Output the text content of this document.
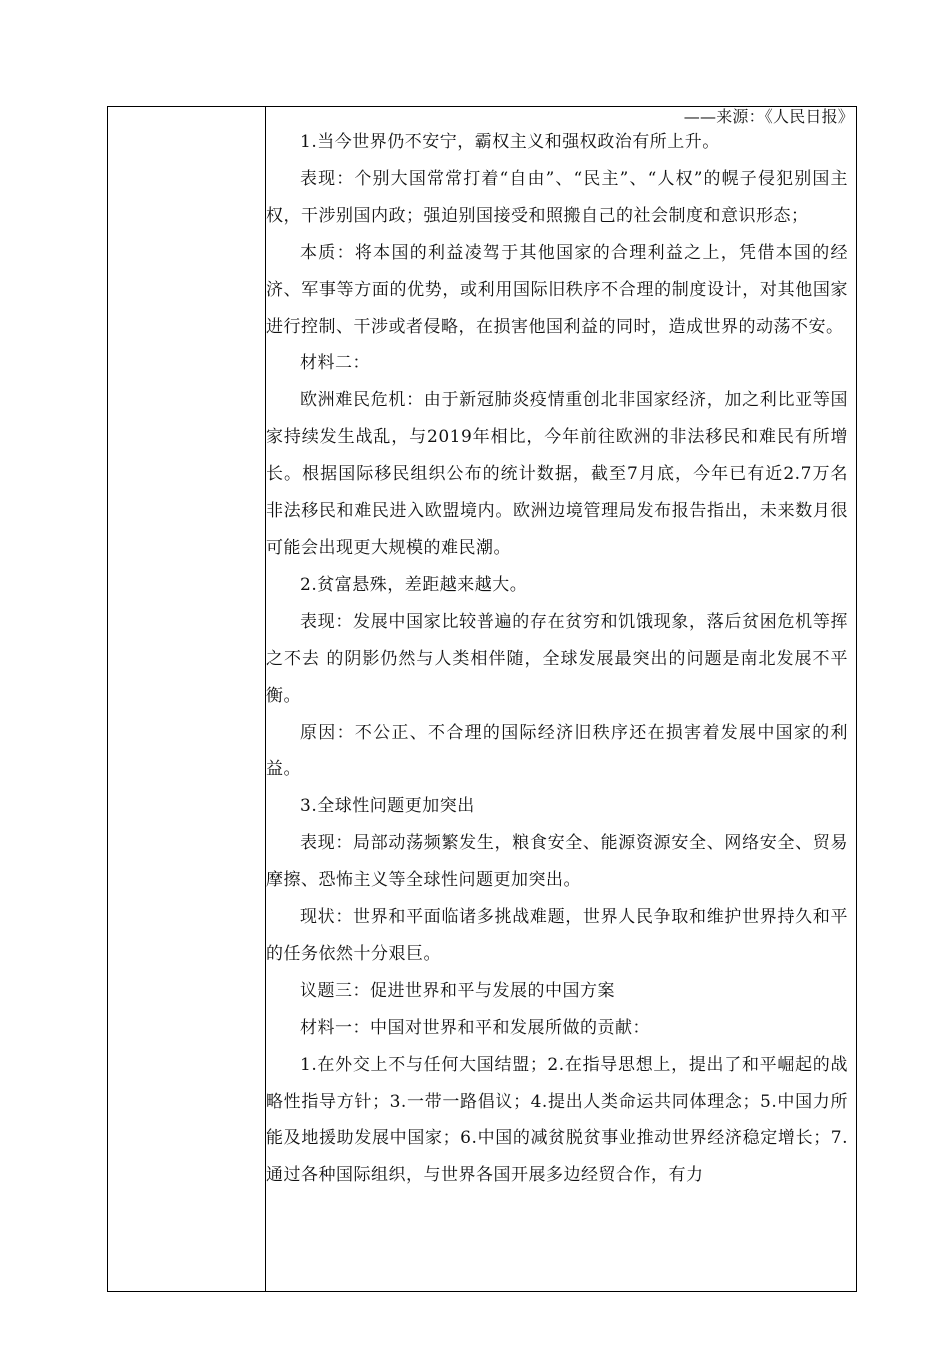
——来源：《人民日报》

1.当今世界仍不安宁，霸权主义和强权政治有所上升。

表现：个别大国常常打着“自由”、“民主”、“人权”的幌子侵犯别国主权，干涉别国内政；强迫别国接受和照搬自己的社会制度和意识形态；

本质：将本国的利益凌驾于其他国家的合理利益之上，凭借本国的经济、军事等方面的优势，或利用国际旧秩序不合理的制度设计，对其他国家进行控制、干涉或者侵略，在损害他国利益的同时，造成世界的动荡不安。

材料二：

欧洲难民危机：由于新冠肺炎疫情重创北非国家经济，加之利比亚等国家持续发生战乱，与2019年相比，今年前往欧洲的非法移民和难民有所增长。根据国际移民组织公布的统计数据，截至7月底，今年已有近2.7万名非法移民和难民进入欧盟境内。欧洲边境管理局发布报告指出，未来数月很可能会出现更大规模的难民潮。

2.贫富悬殊，差距越来越大。

表现：发展中国家比较普遍的存在贫穷和饥饿现象，落后贫困危机等挥之不去 的阴影仍然与人类相伴随，全球发展最突出的问题是南北发展不平衡。

原因：不公正、不合理的国际经济旧秩序还在损害着发展中国家的利益。

3.全球性问题更加突出

表现：局部动荡频繁发生，粮食安全、能源资源安全、网络安全、贸易摩擦、恐怖主义等全球性问题更加突出。

现状：世界和平面临诸多挑战难题，世界人民争取和维护世界持久和平的任务依然十分艰巨。

议题三：促进世界和平与发展的中国方案

材料一：中国对世界和平和发展所做的贡献：

1.在外交上不与任何大国结盟；2.在指导思想上，提出了和平崛起的战略性指导方针；3.一带一路倡议；4.提出人类命运共同体理念；5.中国力所能及地援助发展中国家；6.中国的减贫脱贫事业推动世界经济稳定增长；7.通过各种国际组织，与世界各国开展多边经贸合作，有力
